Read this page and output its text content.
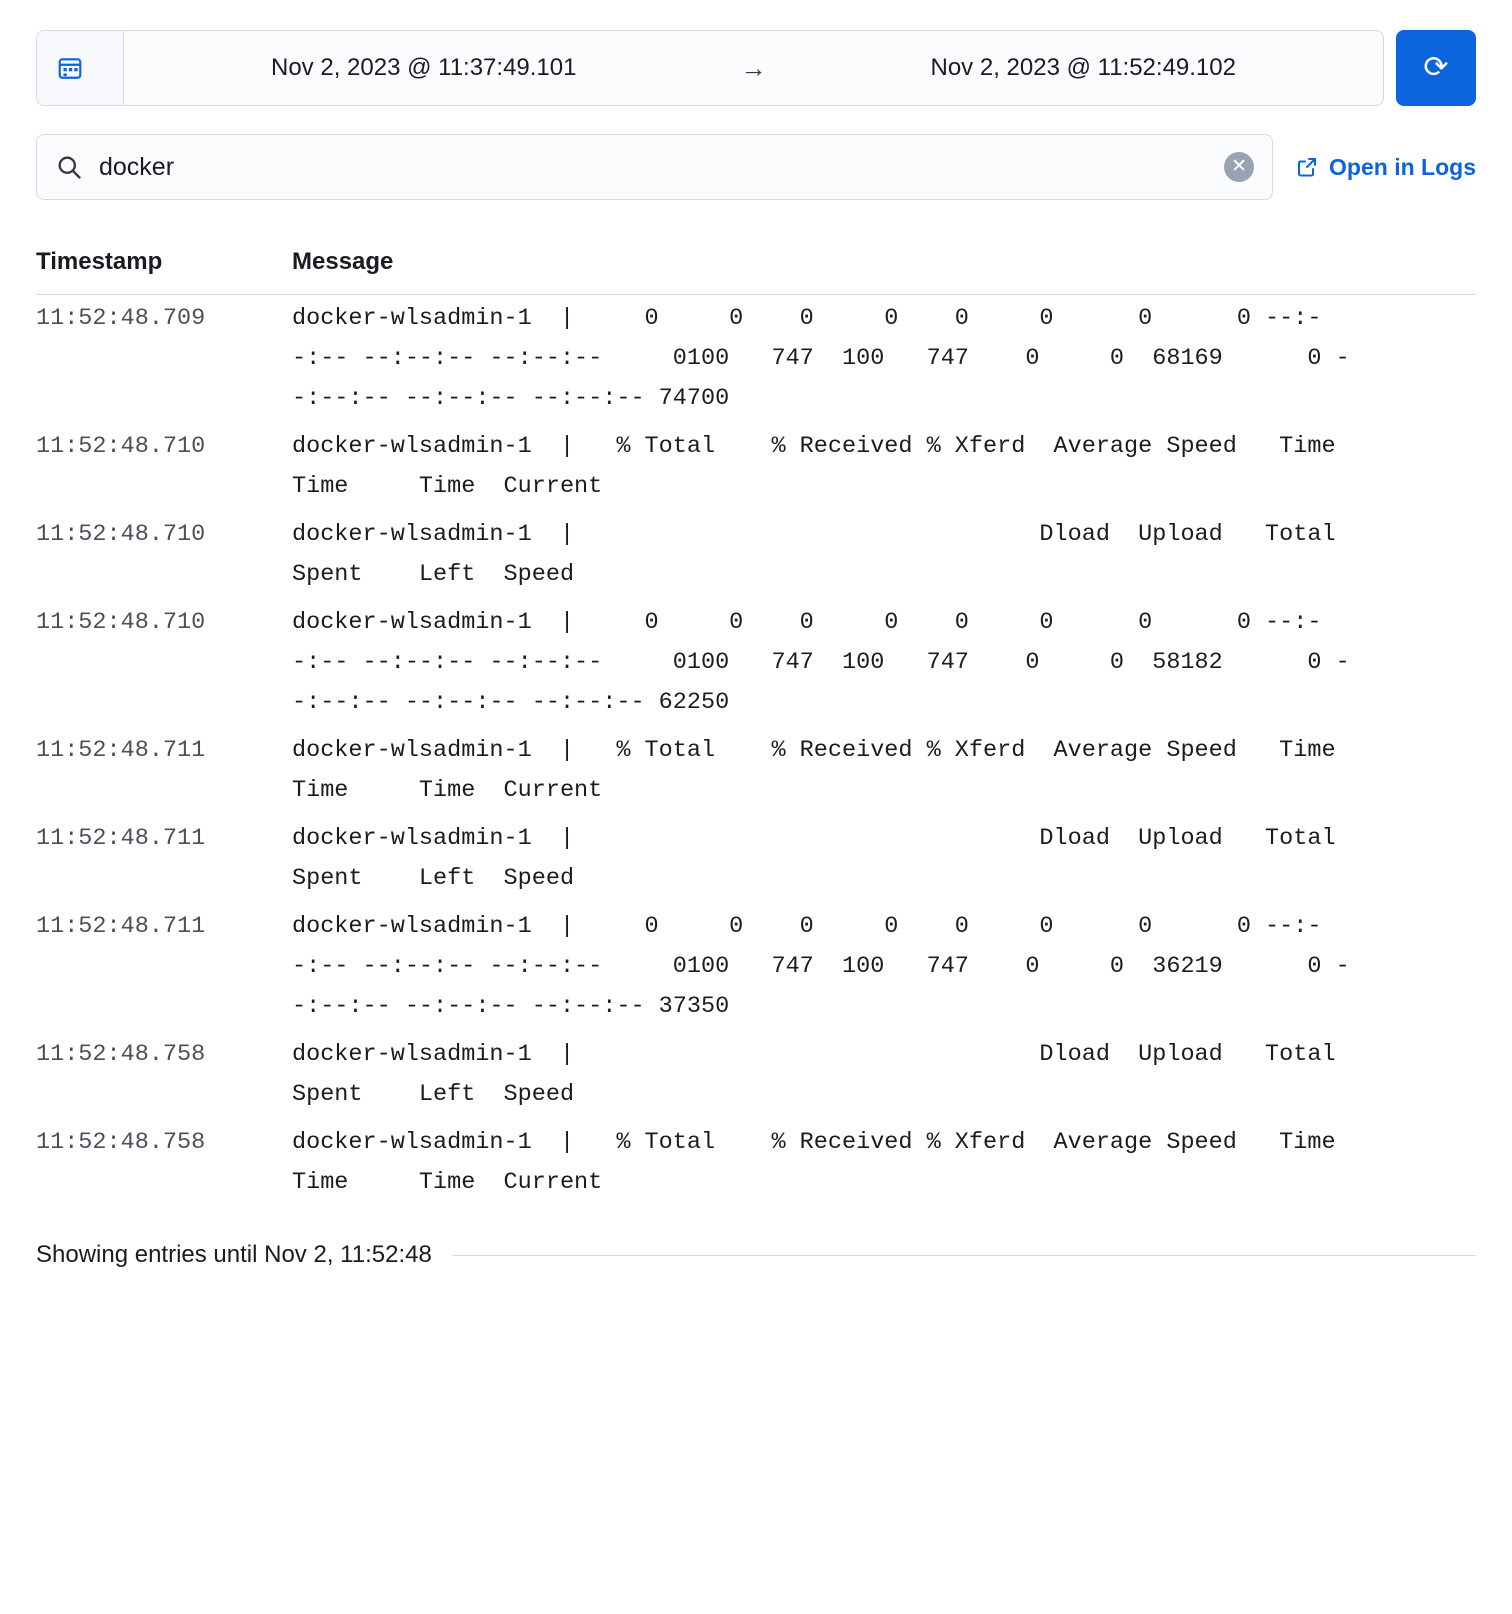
Nov 2, 2023 @ 11:37:49.101	→	Nov 2, 2023 @ 11:52:49.102	⟳
docker	✕	Open in Logs
Timestamp	Message
11:52:48.709	docker-wlsadmin-1  |     0     0    0     0    0     0      0      0 --:--:-- --:--:-- --:--:--     0100   747  100   747    0     0  68169      0 --:--:-- --:--:-- --:--:-- 74700
11:52:48.710	docker-wlsadmin-1  |   % Total    % Received % Xferd  Average Speed   Time    Time     Time  Current
11:52:48.710	docker-wlsadmin-1  |                                 Dload  Upload   Total   Spent    Left  Speed
11:52:48.710	docker-wlsadmin-1  |     0     0    0     0    0     0      0      0 --:--:-- --:--:-- --:--:--     0100   747  100   747    0     0  58182      0 --:--:-- --:--:-- --:--:-- 62250
11:52:48.711	docker-wlsadmin-1  |   % Total    % Received % Xferd  Average Speed   Time    Time     Time  Current
11:52:48.711	docker-wlsadmin-1  |                                 Dload  Upload   Total   Spent    Left  Speed
11:52:48.711	docker-wlsadmin-1  |     0     0    0     0    0     0      0      0 --:--:-- --:--:-- --:--:--     0100   747  100   747    0     0  36219      0 --:--:-- --:--:-- --:--:-- 37350
11:52:48.758	docker-wlsadmin-1  |                                 Dload  Upload   Total   Spent    Left  Speed
11:52:48.758	docker-wlsadmin-1  |   % Total    % Received % Xferd  Average Speed   Time    Time     Time  Current
Showing entries until Nov 2, 11:52:48
